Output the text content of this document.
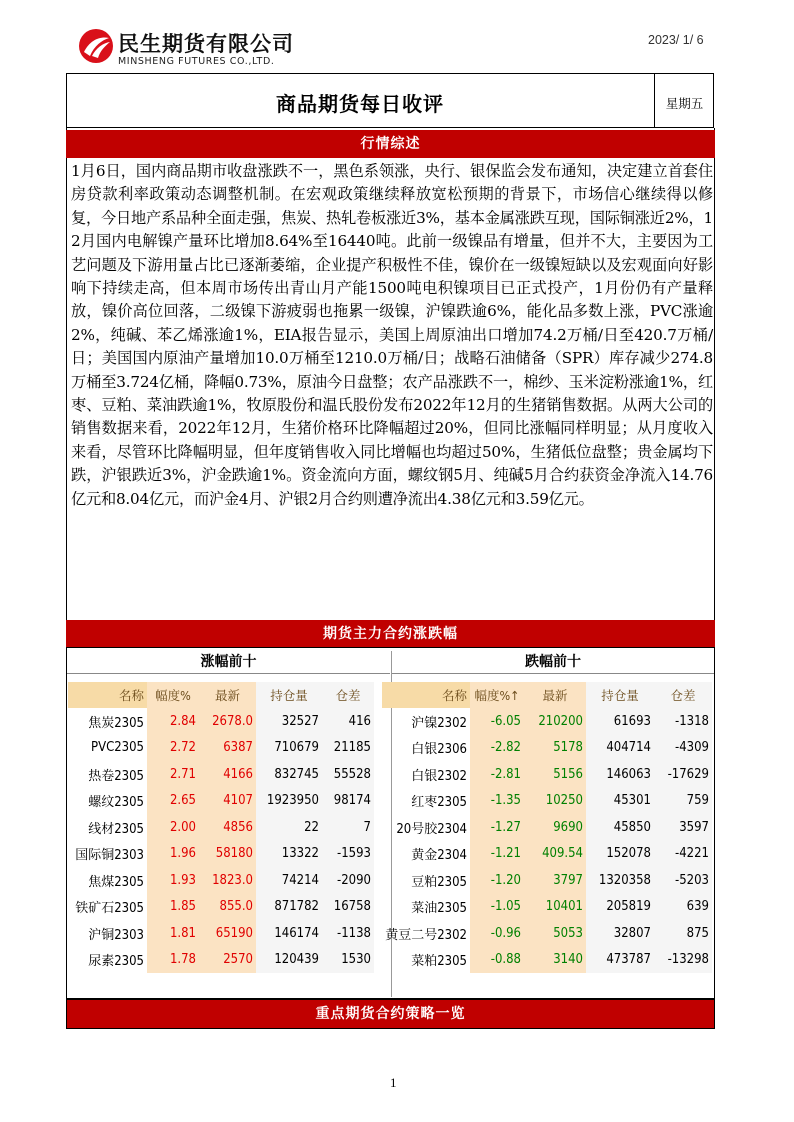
民生期货有限公司
MINSHENG FUTURES CO.,LTD.
2023/ 1/ 6
商品期货每日收评	星期五
行情综述
1月6日，国内商品期市收盘涨跌不一，黑色系领涨，央行、银保监会发布通知，决定建立首套住房贷款利率政策动态调整机制。在宏观政策继续释放宽松预期的背景下，市场信心继续得以修复，今日地产系品种全面走强，焦炭、热轧卷板涨近3%，基本金属涨跌互现，国际铜涨近2%，12月国内电解镍产量环比增加8.64%至16440吨。此前一级镍品有增量，但并不大，主要因为工艺问题及下游用量占比已逐渐萎缩，企业提产积极性不佳，镍价在一级镍短缺以及宏观面向好影响下持续走高，但本周市场传出青山月产能1500吨电积镍项目已正式投产，1月份仍有产量释放，镍价高位回落，二级镍下游疲弱也拖累一级镍，沪镍跌逾6%，能化品多数上涨，PVC涨逾2%，纯碱、苯乙烯涨逾1%，EIA报告显示，美国上周原油出口增加74.2万桶/日至420.7万桶/日；美国国内原油产量增加10.0万桶至1210.0万桶/日；战略石油储备（SPR）库存减少274.8万桶至3.724亿桶，降幅0.73%，原油今日盘整；农产品涨跌不一，棉纱、玉米淀粉涨逾1%，红枣、豆粕、菜油跌逾1%，牧原股份和温氏股份发布2022年12月的生猪销售数据。从两大公司的销售数据来看，2022年12月，生猪价格环比降幅超过20%，但同比涨幅同样明显；从月度收入来看，尽管环比降幅明显，但年度销售收入同比增幅也均超过50%，生猪低位盘整；贵金属均下跌，沪银跌近3%，沪金跌逾1%。资金流向方面，螺纹钢5月、纯碱5月合约获资金净流入14.76亿元和8.04亿元，而沪金4月、沪银2月合约则遭净流出4.38亿元和3.59亿元。
期货主力合约涨跌幅
涨幅前十	跌幅前十
名称	幅度%	最新	持仓量	仓差
焦炭2305	2.84	2678.0	32527	416
PVC2305	2.72	6387	710679	21185
热卷2305	2.71	4166	832745	55528
螺纹2305	2.65	4107	1923950	98174
线材2305	2.00	4856	22	7
国际铜2303	1.96	58180	13322	-1593
焦煤2305	1.93	1823.0	74214	-2090
铁矿石2305	1.85	855.0	871782	16758
沪铜2303	1.81	65190	146174	-1138
尿素2305	1.78	2570	120439	1530
名称	幅度%↑	最新	持仓量	仓差
沪镍2302	-6.05	210200	61693	-1318
白银2306	-2.82	5178	404714	-4309
白银2302	-2.81	5156	146063	-17629
红枣2305	-1.35	10250	45301	759
20号胶2304	-1.27	9690	45850	3597
黄金2304	-1.21	409.54	152078	-4221
豆粕2305	-1.20	3797	1320358	-5203
菜油2305	-1.05	10401	205819	639
黄豆二号2302	-0.96	5053	32807	875
菜粕2305	-0.88	3140	473787	-13298
重点期货合约策略一览
1
